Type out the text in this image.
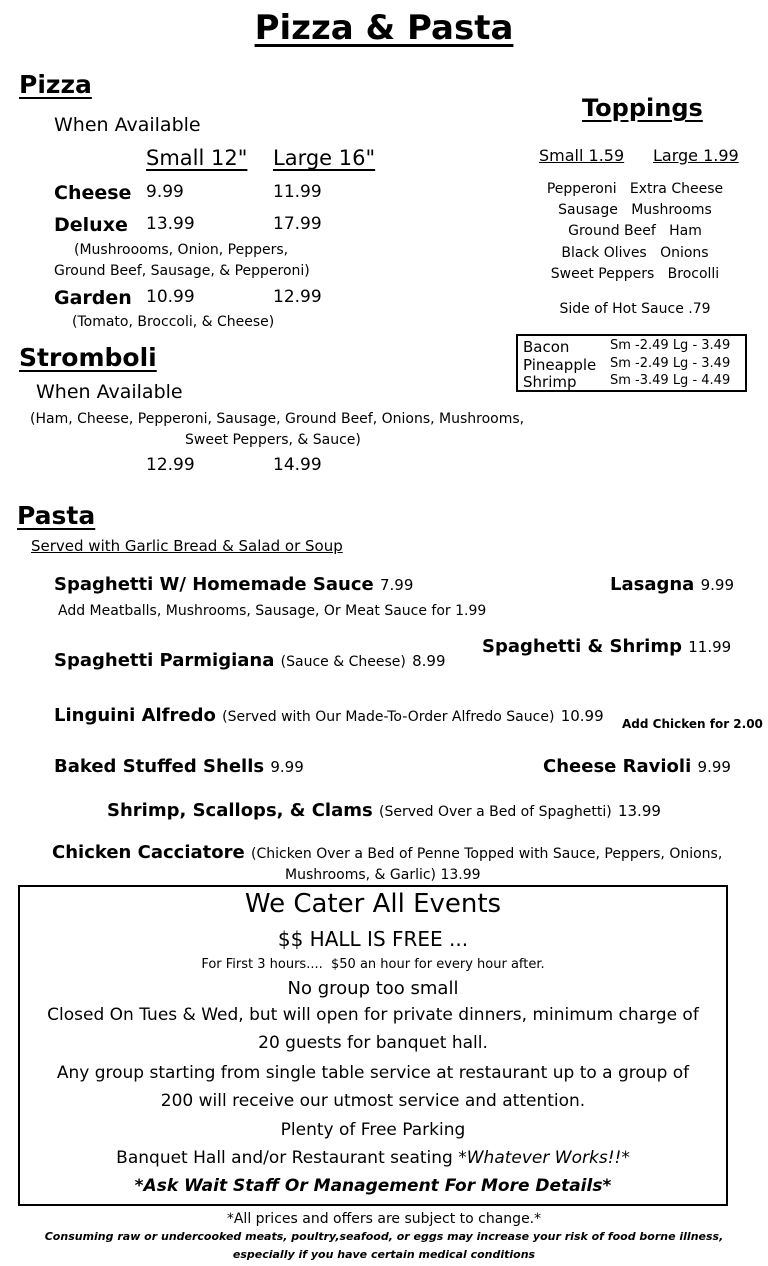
Pizza & Pasta
Pizza
When Available
Small 12" Large 16"
Cheese 9.99	11.99
Deluxe 13.99	17.99
(Mushroooms, Onion, Peppers,
Ground Beef, Sausage, & Pepperoni)
Garden 10.99	12.99
(Tomato, Broccoli, & Cheese)
Toppings
Small 1.59 Large 1.99
Pepperoni   Extra Cheese
Sausage   Mushrooms
Ground Beef   Ham
Black Olives   Onions
Sweet Peppers   Brocolli
Side of Hot Sauce .79
Bacon	Sm -2.49 Lg - 3.49
Pineapple Sm -2.49 Lg - 3.49
Shrimp	Sm -3.49 Lg - 4.49
Stromboli
When Available
(Ham, Cheese, Pepperoni, Sausage, Ground Beef, Onions, Mushrooms,
Sweet Peppers, & Sauce)
12.99	14.99
Pasta
Served with Garlic Bread & Salad or Soup
Spaghetti W/ Homemade Sauce 7.99
Add Meatballs, Mushrooms, Sausage, Or Meat Sauce for 1.99
Lasagna 9.99
Spaghetti & Shrimp 11.99
Spaghetti Parmigiana (Sauce & Cheese) 8.99
Linguini Alfredo (Served with Our Made-To-Order Alfredo Sauce) 10.99 Add Chicken for 2.00
Baked Stuffed Shells 9.99	Cheese Ravioli 9.99
Shrimp, Scallops, & Clams (Served Over a Bed of Spaghetti) 13.99
Chicken Cacciatore (Chicken Over a Bed of Penne Topped with Sauce, Peppers, Onions,
Mushrooms, & Garlic) 13.99
We Cater All Events
$$ HALL IS FREE ...
For First 3 hours....  $50 an hour for every hour after.
No group too small
Closed On Tues & Wed, but will open for private dinners, minimum charge of
20 guests for banquet hall.
Any group starting from single table service at restaurant up to a group of
200 will receive our utmost service and attention.
Plenty of Free Parking
Banquet Hall and/or Restaurant seating *Whatever Works!!*
*Ask Wait Staff Or Management For More Details*
*All prices and offers are subject to change.*
Consuming raw or undercooked meats, poultry,seafood, or eggs may increase your risk of food borne illness,
especially if you have certain medical conditions
